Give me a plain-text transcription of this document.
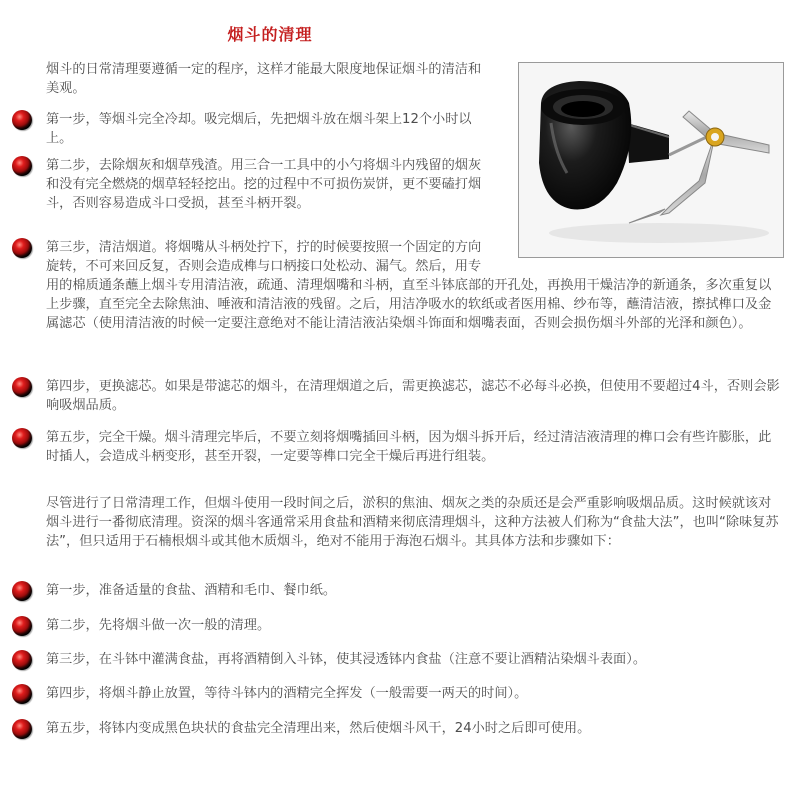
烟斗的清理

烟斗的日常清理要遵循一定的程序，这样才能最大限度地保证烟斗的清洁和美观。

第一步，等烟斗完全冷却。吸完烟后，先把烟斗放在烟斗架上12个小时以上。

第二步，去除烟灰和烟草残渣。用三合一工具中的小勺将烟斗内残留的烟灰和没有完全燃烧的烟草轻轻挖出。挖的过程中不可损伤炭饼，更不要磕打烟斗，否则容易造成斗口受损，甚至斗柄开裂。

第三步，清洁烟道。将烟嘴从斗柄处拧下，拧的时候要按照一个固定的方向旋转，不可来回反复，否则会造成榫与口柄接口处松动、漏气。然后，用专用的棉质通条蘸上烟斗专用清洁液，疏通、清理烟嘴和斗柄，直至斗钵底部的开孔处，再换用干燥洁净的新通条，多次重复以上步骤，直至完全去除焦油、唾液和清洁液的残留。之后，用洁净吸水的软纸或者医用棉、纱布等，蘸清洁液，擦拭榫口及金属滤芯（使用清洁液的时候一定要注意绝对不能让清洁液沾染烟斗饰面和烟嘴表面，否则会损伤烟斗外部的光泽和颜色）。

第四步，更换滤芯。如果是带滤芯的烟斗，在清理烟道之后，需更换滤芯，滤芯不必每斗必换，但使用不要超过4斗，否则会影响吸烟品质。

第五步，完全干燥。烟斗清理完毕后，不要立刻将烟嘴插回斗柄，因为烟斗拆开后，经过清洁液清理的榫口会有些许膨胀，此时插人，会造成斗柄变形，甚至开裂，一定要等榫口完全干燥后再进行组装。

尽管进行了日常清理工作，但烟斗使用一段时间之后，淤积的焦油、烟灰之类的杂质还是会严重影响吸烟品质。这时候就该对烟斗进行一番彻底清理。资深的烟斗客通常采用食盐和酒精来彻底清理烟斗，这种方法被人们称为“食盐大法”，也叫“除味复苏法”，但只适用于石楠根烟斗或其他木质烟斗，绝对不能用于海泡石烟斗。其具体方法和步骤如下：

第一步，准备适量的食盐、酒精和毛巾、餐巾纸。

第二步，先将烟斗做一次一般的清理。

第三步，在斗钵中灌满食盐，再将酒精倒入斗钵，使其浸透钵内食盐（注意不要让酒精沾染烟斗表面）。

第四步，将烟斗静止放置，等待斗钵内的酒精完全挥发（一般需要一两天的时间）。

第五步，将钵内变成黑色块状的食盐完全清理出来，然后使烟斗风干，24小时之后即可使用。
